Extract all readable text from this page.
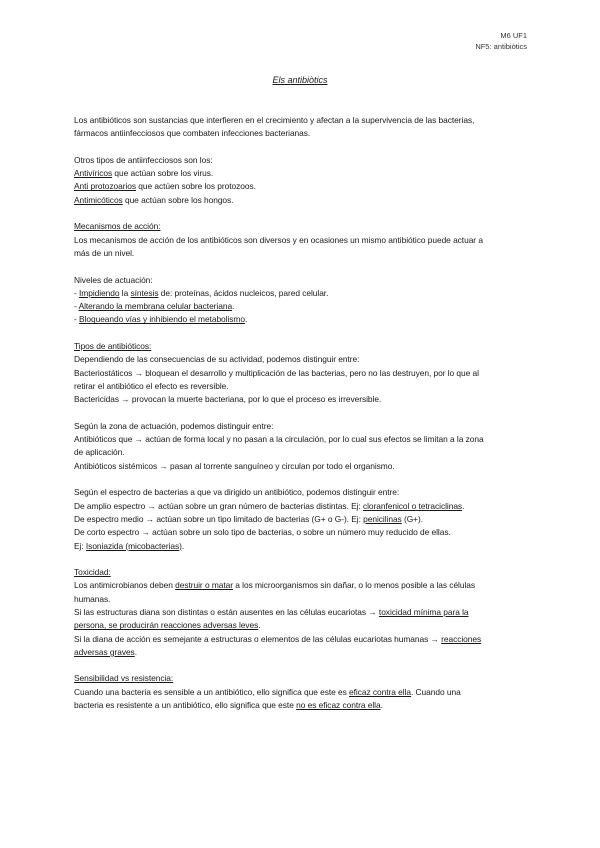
M6 UF1
NF5: antibiòtics
Els antibiòtics

Los antibióticos son sustancias que interfieren en el crecimiento y afectan a la supervivencia de las bacterias,

fármacos antiinfecciosos que combaten infecciones bacterianas.

Otros tipos de antiinfecciosos son los:

Antivíricos que actúan sobre los virus.

Anti protozoarios que actúen sobre los protozoos.

Antimicóticos que actúan sobre los hongos.

Mecanismos de acción:

Los mecanismos de acción de los antibióticos son diversos y en ocasiones un mismo antibiótico puede actuar a

más de un nivel.

Niveles de actuación:

- Impidiendo la síntesis de: proteínas, ácidos nucleicos, pared celular.

- Alterando la membrana celular bacteriana.

- Bloqueando vías y inhibiendo el metabolismo.

Tipos de antibióticos:

Dependiendo de las consecuencias de su actividad, podemos distinguir entre:

Bacteriostáticos → bloquean el desarrollo y multiplicación de las bacterias, pero no las destruyen, por lo que al

retirar el antibiótico el efecto es reversible.

Bactericidas → provocan la muerte bacteriana, por lo que el proceso es irreversible.

Según la zona de actuación, podemos distinguir entre:

Antibióticos que → actúan de forma local y no pasan a la circulación, por lo cual sus efectos se limitan a la zona

de aplicación.

Antibióticos sistémicos → pasan al torrente sanguíneo y circulan por todo el organismo.

Según el espectro de bacterias a que va dirigido un antibiótico, podemos distinguir entre:

De amplio espectro → actúan sobre un gran número de bacterias distintas. Ej: cloranfenicol o tetraciclinas.

De espectro medio → actúan sobre un tipo limitado de bacterias (G+ o G-). Ej: penicilinas (G+).

De corto espectro → actúan sobre un solo tipo de bacterias, o sobre un número muy reducido de ellas.

Ej: Isoniazida (micobacterias).

Toxicidad:

Los antimicrobianos deben destruir o matar a los microorganismos sin dañar, o lo menos posible a las células

humanas.

Si las estructuras diana son distintas o están ausentes en las células eucariotas → toxicidad mínima para la

persona, se producirán reacciones adversas leves.

Si la diana de acción es semejante a estructuras o elementos de las células eucariotas humanas → reacciones

adversas graves.

Sensibilidad vs resistencia:

Cuando una bacteria es sensible a un antibiótico, ello significa que este es eficaz contra ella. Cuando una

bacteria es resistente a un antibiótico, ello significa que este no es eficaz contra ella.
